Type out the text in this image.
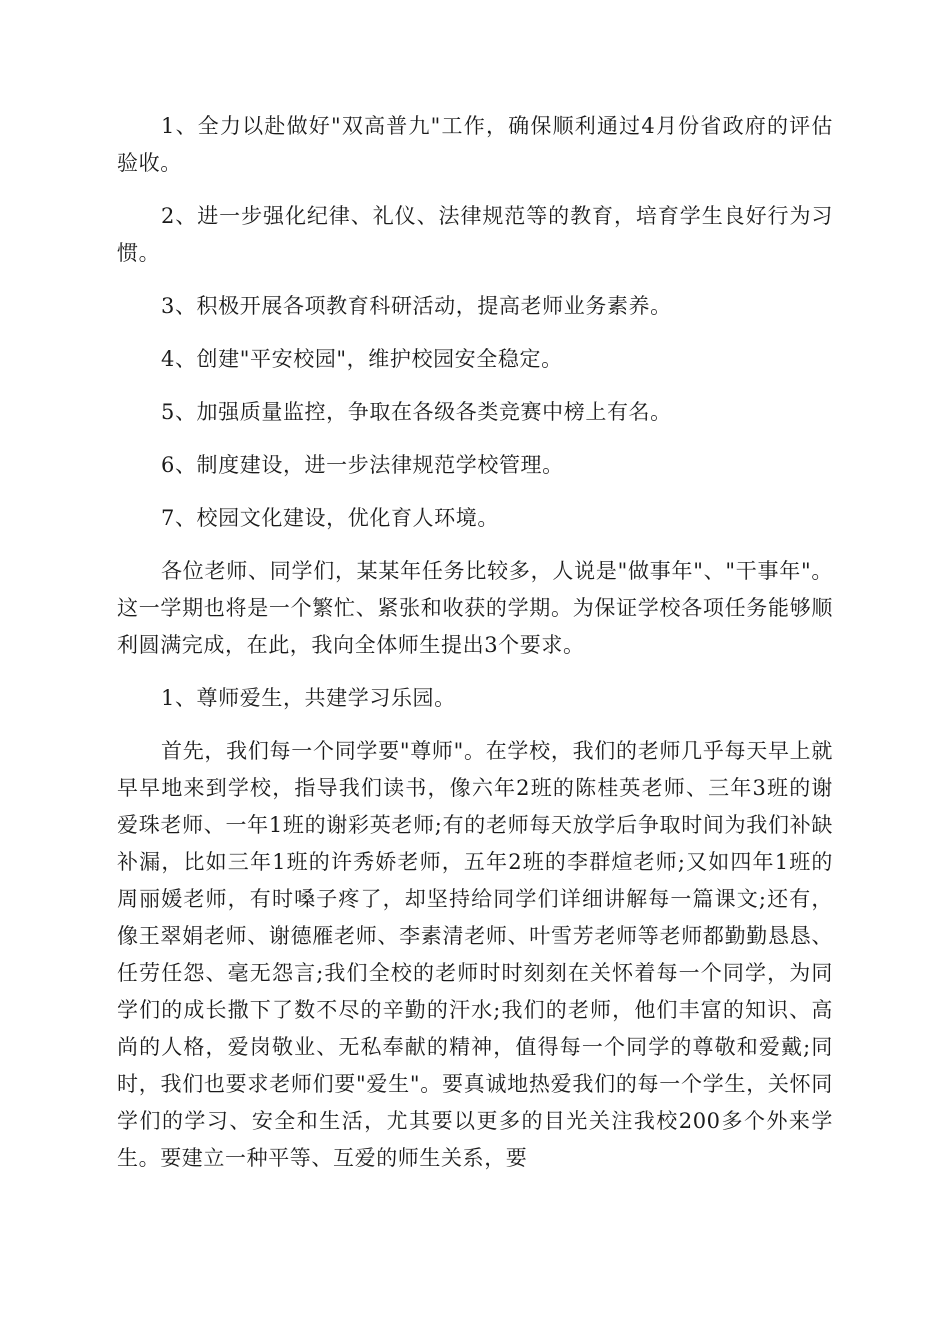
1、全力以赴做好"双高普九"工作，确保顺利通过4月份省政府的评估验收。

2、进一步强化纪律、礼仪、法律规范等的教育，培育学生良好行为习惯。

3、积极开展各项教育科研活动，提高老师业务素养。

4、创建"平安校园"，维护校园安全稳定。

5、加强质量监控，争取在各级各类竞赛中榜上有名。

6、制度建设，进一步法律规范学校管理。

7、校园文化建设，优化育人环境。

各位老师、同学们，某某年任务比较多，人说是"做事年"、"干事年"。这一学期也将是一个繁忙、紧张和收获的学期。为保证学校各项任务能够顺利圆满完成，在此，我向全体师生提出3个要求。

1、尊师爱生，共建学习乐园。

首先，我们每一个同学要"尊师"。在学校，我们的老师几乎每天早上就早早地来到学校，指导我们读书，像六年2班的陈桂英老师、三年3班的谢爱珠老师、一年1班的谢彩英老师;有的老师每天放学后争取时间为我们补缺补漏，比如三年1班的许秀娇老师，五年2班的李群煊老师;又如四年1班的周丽媛老师，有时嗓子疼了，却坚持给同学们详细讲解每一篇课文;还有，像王翠娟老师、谢德雁老师、李素清老师、叶雪芳老师等老师都勤勤恳恳、任劳任怨、毫无怨言;我们全校的老师时时刻刻在关怀着每一个同学，为同学们的成长撒下了数不尽的辛勤的汗水;我们的老师，他们丰富的知识、高尚的人格，爱岗敬业、无私奉献的精神，值得每一个同学的尊敬和爱戴;同时，我们也要求老师们要"爱生"。要真诚地热爱我们的每一个学生，关怀同学们的学习、安全和生活，尤其要以更多的目光关注我校200多个外来学生。要建立一种平等、互爱的师生关系，要
